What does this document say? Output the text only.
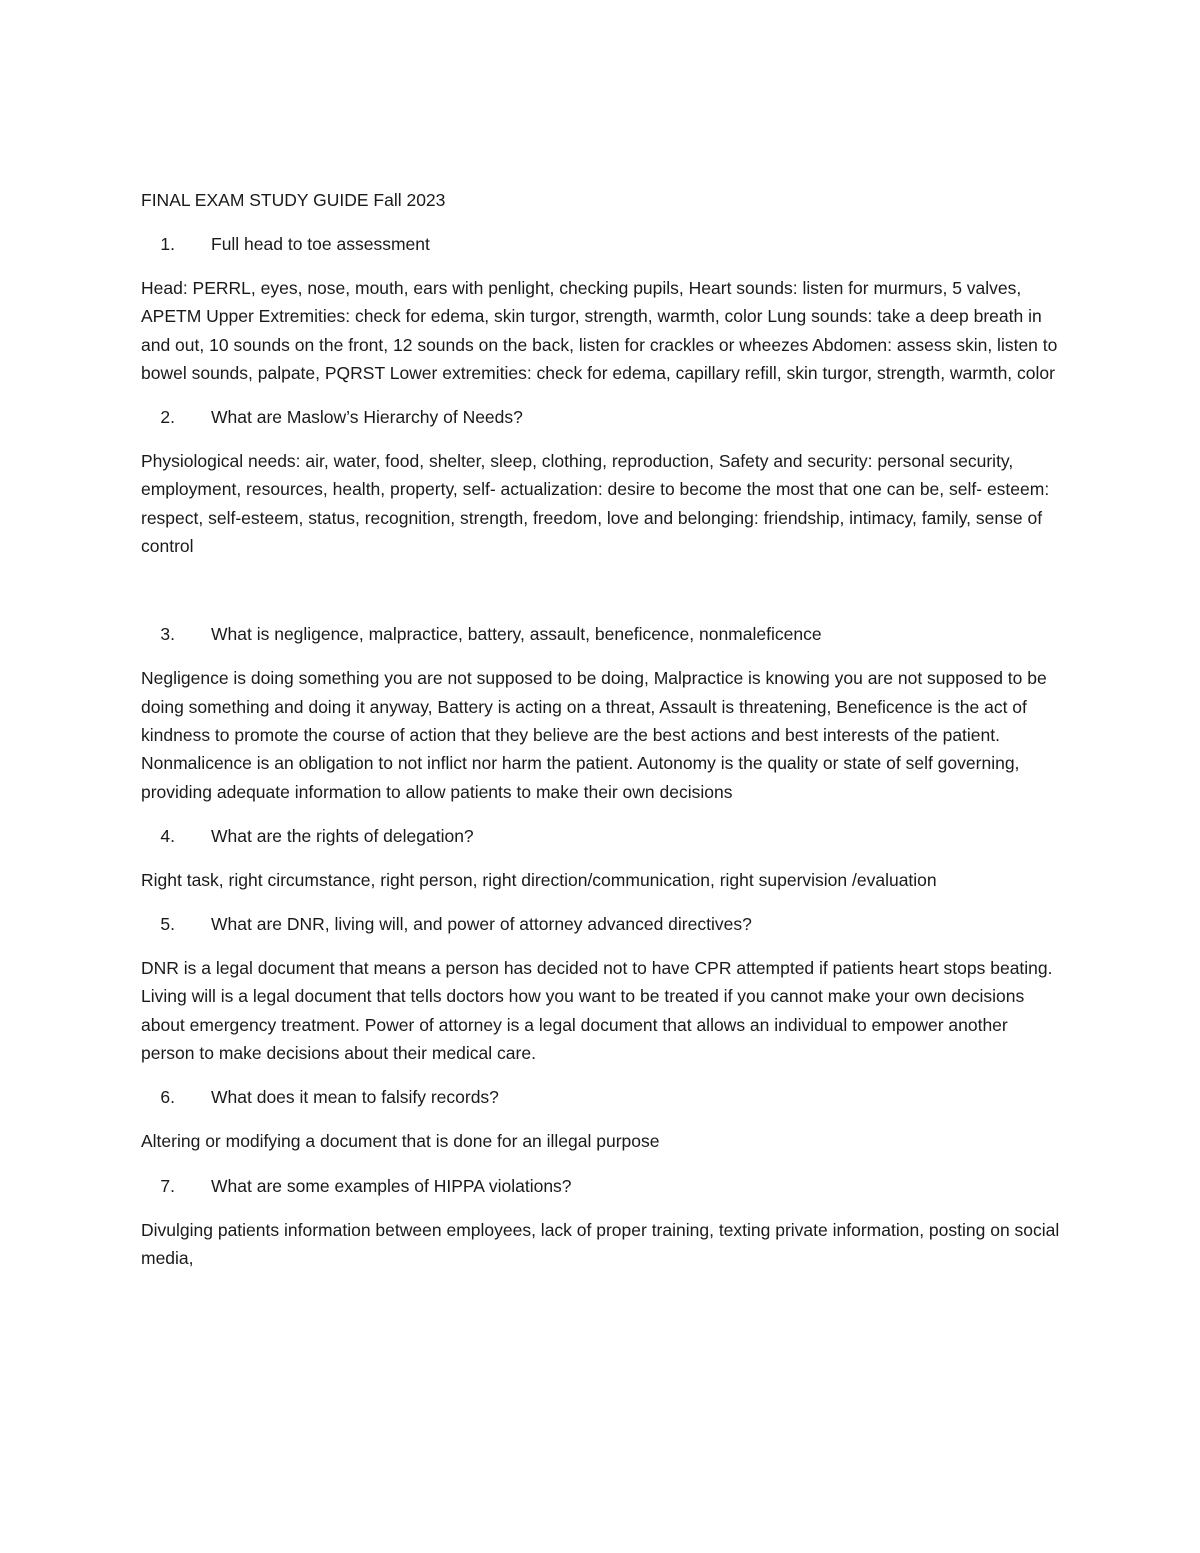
FINAL EXAM STUDY GUIDE Fall 2023
1.	Full head to toe assessment
Head: PERRL, eyes, nose, mouth, ears with penlight, checking pupils, Heart sounds: listen for murmurs, 5 valves, APETM Upper Extremities: check for edema, skin turgor, strength, warmth, color Lung sounds: take a deep breath in and out, 10 sounds on the front, 12 sounds on the back, listen for crackles or wheezes Abdomen: assess skin, listen to bowel sounds, palpate, PQRST Lower extremities: check for edema, capillary refill, skin turgor, strength, warmth, color
2.	What are Maslow’s Hierarchy of Needs?
Physiological needs: air, water, food, shelter, sleep, clothing, reproduction, Safety and security: personal security, employment, resources, health, property, self- actualization: desire to become the most that one can be, self- esteem: respect, self-esteem, status, recognition, strength, freedom, love and belonging: friendship, intimacy, family, sense of control
3.	What is negligence, malpractice, battery, assault, beneficence, nonmaleficence
Negligence is doing something you are not supposed to be doing, Malpractice is knowing you are not supposed to be doing something and doing it anyway, Battery is acting on a threat, Assault is threatening, Beneficence is the act of kindness to promote the course of action that they believe are the best actions and best interests of the patient. Nonmalicence is an obligation to not inflict nor harm the patient. Autonomy is the quality or state of self governing, providing adequate information to allow patients to make their own decisions
4.	What are the rights of delegation?
Right task, right circumstance, right person, right direction/communication, right supervision /evaluation
5.	What are DNR, living will, and power of attorney advanced directives?
DNR is a legal document that means a person has decided not to have CPR attempted if patients heart stops beating. Living will is a legal document that tells doctors how you want to be treated if you cannot make your own decisions about emergency treatment. Power of attorney is a legal document that allows an individual to empower another person to make decisions about their medical care.
6.	What does it mean to falsify records?
Altering or modifying a document that is done for an illegal purpose
7.	What are some examples of HIPPA violations?
Divulging patients information between employees, lack of proper training, texting private information, posting on social media,
